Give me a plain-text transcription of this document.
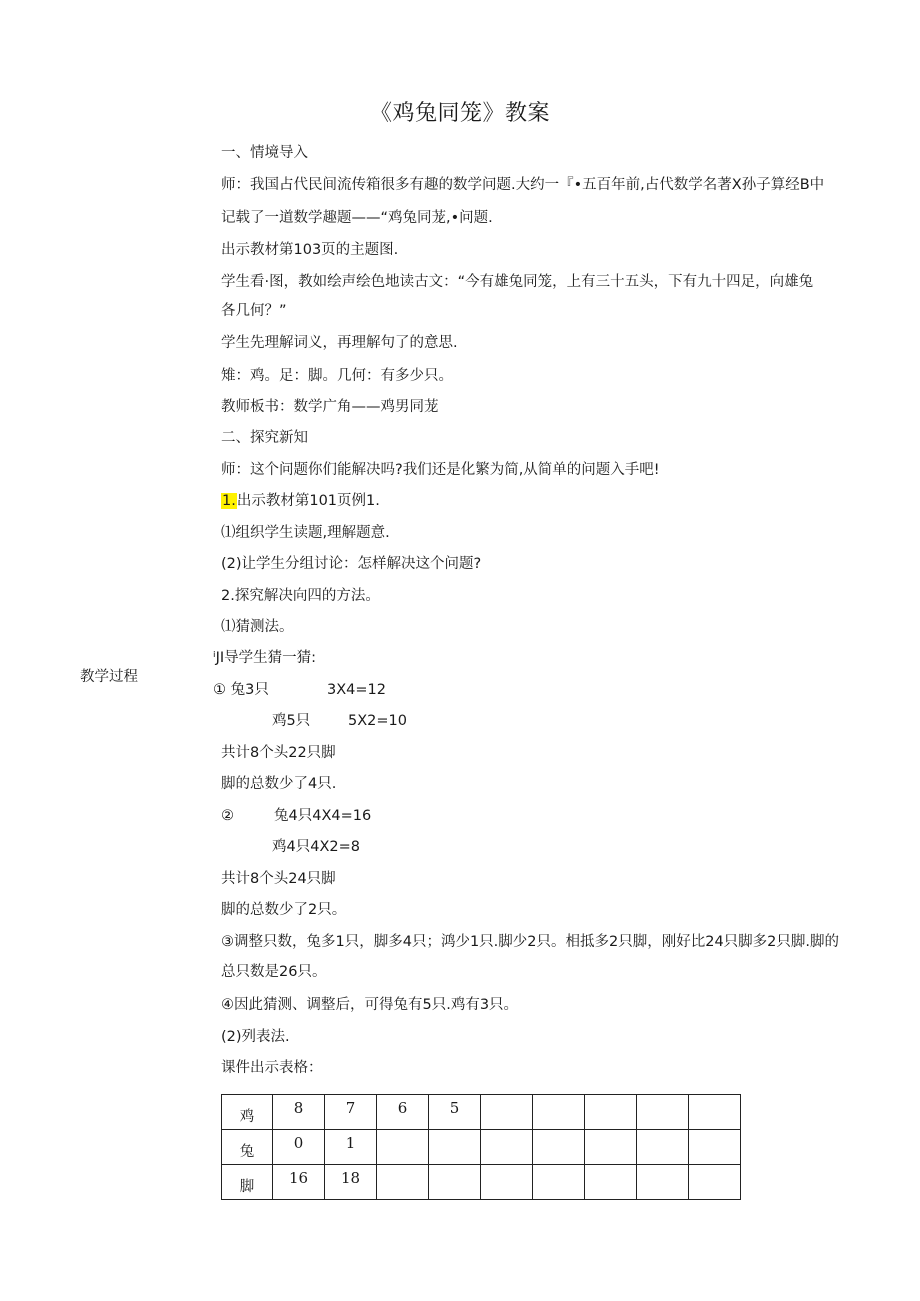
《鸡兔同笼》教案
一、情境导入
师：我国占代民间流传箱很多有趣的数学问题.大约一『•五百年前,占代数学名著X孙子算经B中
记载了一道数学趣题——“鸡兔同茏,•问题.
出示教材第103页的主题图.
学生看·图，教如绘声绘色地读古文：“今有雄兔同笼，上有三十五头，下有九十四足，向雄兔
各几何？”
学生先理解词义，再理解句了的意思.
雉：鸡。足：脚。几何：有多少只。
教师板书：数学广角——鸡男同茏
二、探究新知
师：这个问题你们能解决吗?我们还是化繁为简,从简单的问题入手吧!
1.出示教材第101页例1.
⑴组织学生读题,理解题意.
(2)让学生分组讨论：怎样解决这个问题?
2.探究解决向四的方法。
⑴猜测法。
ⁱJI导学生猜一猜:
教学过程
① 兔3只	3X4=12
鸡5只	5X2=10
共计8个头22只脚
脚的总数少了4只.
②	兔4只4X4=16
鸡4只4X2=8
共计8个头24只脚
脚的总数少了2只。
③调整只数，兔多1只，脚多4只；鸿少1只.脚少2只。相抵多2只脚，刚好比24只脚多2只脚.脚的
总只数是26只。
④因此猜测、调整后，可得兔有5只.鸡有3只。
(2)列表法.
课件出示表格：
鸡	8	7	6	5					
兔	0	1							
脚	16	18							
